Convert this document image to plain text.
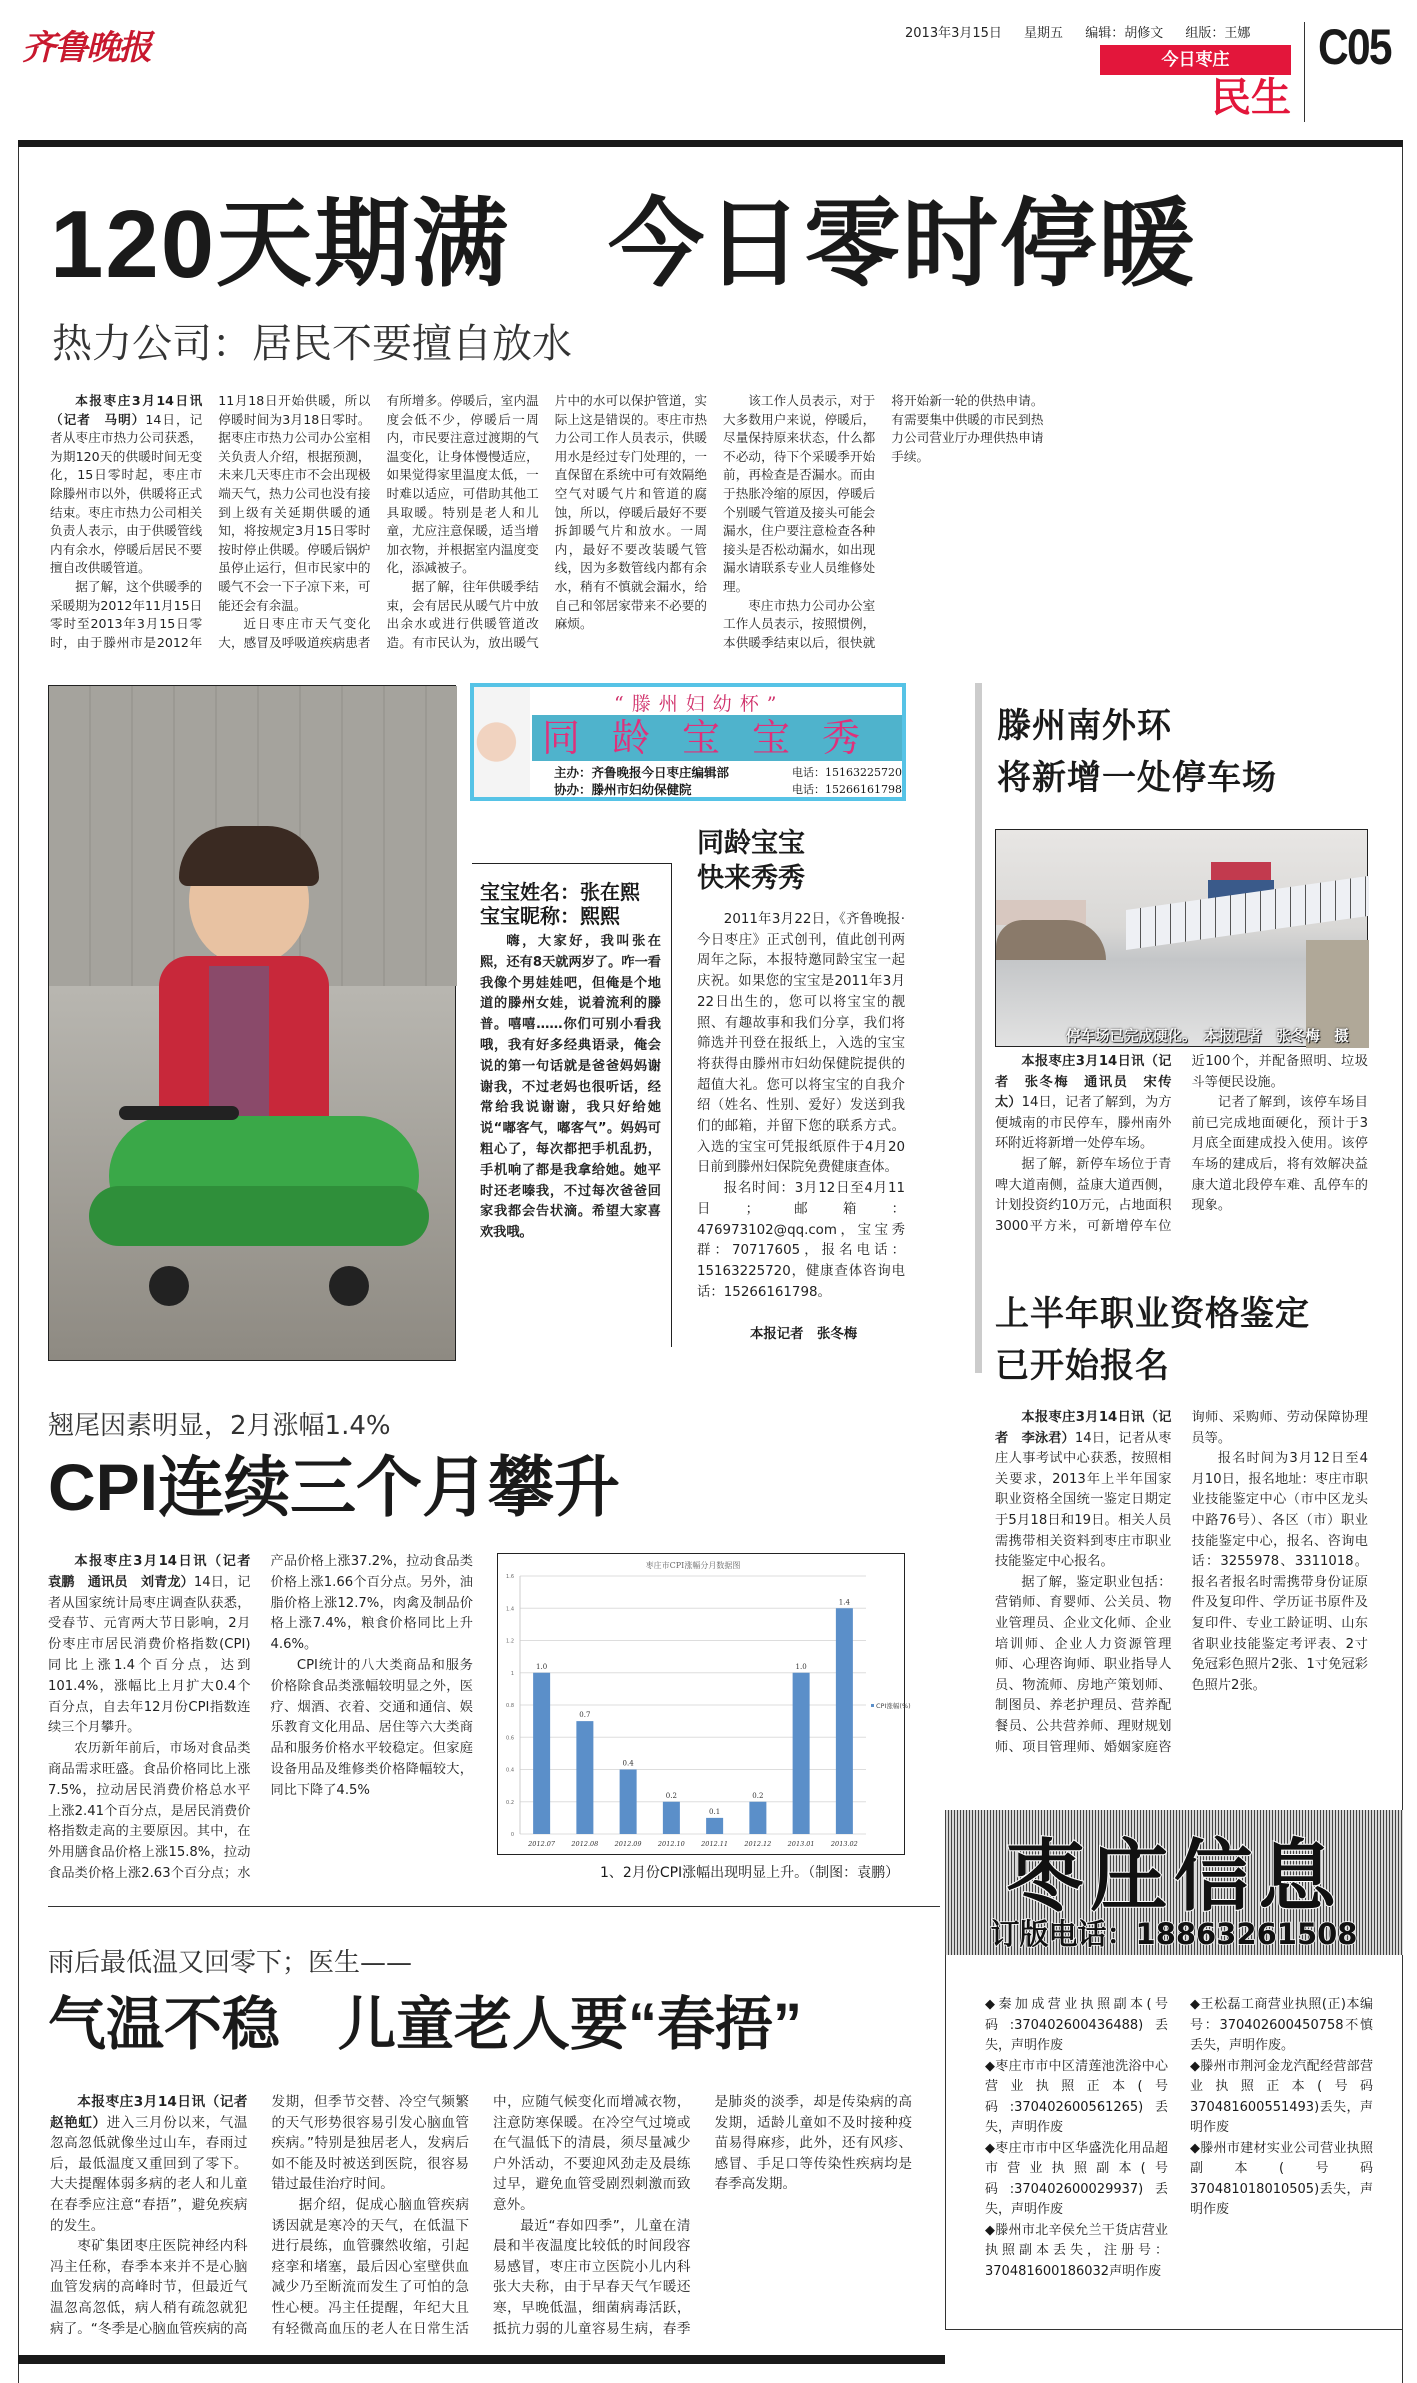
齐鲁晚报	2013年3月15日 星期五 编辑：胡修文 组版：王娜
今日枣庄
民生
C05
120天期满　今日零时停暖
热力公司：居民不要擅自放水

本报枣庄3月14日讯（记者　马明）14日，记者从枣庄市热力公司获悉，为期120天的供暖时间无变化，15日零时起，枣庄市除滕州市以外，供暖将正式结束。枣庄市热力公司相关负责人表示，由于供暖管线内有余水，停暖后居民不要擅自改供暖管道。

据了解，这个供暖季的采暖期为2012年11月15日零时至2013年3月15日零时，由于滕州市是2012年11月18日开始供暖，所以停暖时间为3月18日零时。据枣庄市热力公司办公室相关负责人介绍，根据预测，未来几天枣庄市不会出现极端天气，热力公司也没有接到上级有关延期供暖的通知，将按规定3月15日零时按时停止供暖。停暖后锅炉虽停止运行，但市民家中的暖气不会一下子凉下来，可能还会有余温。

近日枣庄市天气变化大，感冒及呼吸道疾病患者有所增多。停暖后，室内温度会低不少，停暖后一周内，市民要注意过渡期的气温变化，让身体慢慢适应，如果觉得家里温度太低，一时难以适应，可借助其他工具取暖。特别是老人和儿童，尤应注意保暖，适当增加衣物，并根据室内温度变化，添减被子。

据了解，往年供暖季结束，会有居民从暖气片中放出余水或进行供暖管道改造。有市民认为，放出暖气片中的水可以保护管道，实际上这是错误的。枣庄市热力公司工作人员表示，供暖用水是经过专门处理的，一直保留在系统中可有效隔绝空气对暖气片和管道的腐蚀，所以，停暖后最好不要拆卸暖气片和放水。一周内，最好不要改装暖气管线，因为多数管线内都有余水，稍有不慎就会漏水，给自己和邻居家带来不必要的麻烦。

该工作人员表示，对于大多数用户来说，停暖后，尽量保持原来状态，什么都不必动，待下个采暖季开始前，再检查是否漏水。而由于热胀冷缩的原因，停暖后个别暖气管道及接头可能会漏水，住户要注意检查各种接头是否松动漏水，如出现漏水请联系专业人员维修处理。

枣庄市热力公司办公室工作人员表示，按照惯例，本供暖季结束以后，很快就将开始新一轮的供热申请。有需要集中供暖的市民到热力公司营业厅办理供热申请手续。

“滕州妇幼杯”
同龄宝宝秀
主办：齐鲁晚报今日枣庄编辑部	电话：15163225720
协办：滕州市妇幼保健院	电话：15266161798
宝宝姓名：张在熙
宝宝昵称：熙熙

嗨，大家好，我叫张在熙，还有8天就两岁了。咋一看我像个男娃娃吧，但俺是个地道的滕州女娃，说着流利的滕普。嘻嘻……你们可别小看我哦，我有好多经典语录，俺会说的第一句话就是爸爸妈妈谢谢我，不过老妈也很听话，经常给我说谢谢，我只好给她说“嘟客气，嘟客气”。妈妈可粗心了，每次都把手机乱扔，手机响了都是我拿给她。她平时还老嗪我，不过每次爸爸回家我都会告状滴。希望大家喜欢我哦。

同龄宝宝
快来秀秀

2011年3月22日，《齐鲁晚报·今日枣庄》正式创刊，值此创刊两周年之际，本报特邀同龄宝宝一起庆祝。如果您的宝宝是2011年3月22日出生的，您可以将宝宝的靓照、有趣故事和我们分享，我们将筛选并刊登在报纸上，入选的宝宝将获得由滕州市妇幼保健院提供的超值大礼。您可以将宝宝的自我介绍（姓名、性别、爱好）发送到我们的邮箱，并留下您的联系方式。入选的宝宝可凭报纸原件于4月20日前到滕州妇保院免费健康查体。

报名时间：3月12日至4月11日；邮箱：476973102@qq.com，宝宝秀群：70717605，报名电话：15163225720，健康查体咨询电话：15266161798。

本报记者　张冬梅
滕州南外环
将新增一处停车场
停车场已完成硬化。　本报记者　张冬梅　摄

本报枣庄3月14日讯（记者　张冬梅　通讯员　宋传太）14日，记者了解到，为方便城南的市民停车，滕州南外环附近将新增一处停车场。

据了解，新停车场位于青啤大道南侧，益康大道西侧，计划投资约10万元，占地面积3000平方米，可新增停车位近100个，并配备照明、垃圾斗等便民设施。

记者了解到，该停车场目前已完成地面硬化，预计于3月底全面建成投入使用。该停车场的建成后，将有效解决益康大道北段停车难、乱停车的现象。

上半年职业资格鉴定
已开始报名

本报枣庄3月14日讯（记者　李泳君）14日，记者从枣庄人事考试中心获悉，按照相关要求，2013年上半年国家职业资格全国统一鉴定日期定于5月18日和19日。相关人员需携带相关资料到枣庄市职业技能鉴定中心报名。

据了解，鉴定职业包括：营销师、育婴师、公关员、物业管理员、企业文化师、企业培训师、企业人力资源管理师、心理咨询师、职业指导人员、物流师、房地产策划师、制图员、养老护理员、营养配餐员、公共营养师、理财规划师、项目管理师、婚姻家庭咨询师、采购师、劳动保障协理员等。

报名时间为3月12日至4月10日，报名地址：枣庄市职业技能鉴定中心（市中区龙头中路76号）、各区（市）职业技能鉴定中心，报名、咨询电话：3255978、3311018。报名者报名时需携带身份证原件及复印件、学历证书原件及复印件、专业工龄证明、山东省职业技能鉴定考评表、2寸免冠彩色照片2张、1寸免冠彩色照片2张。

翘尾因素明显，2月涨幅1.4%
CPI连续三个月攀升

本报枣庄3月14日讯（记者　袁鹏　通讯员　刘青龙）14日，记者从国家统计局枣庄调查队获悉，受春节、元宵两大节日影响，2月份枣庄市居民消费价格指数(CPI)同比上涨1.4个百分点，达到101.4%，涨幅比上月扩大0.4个百分点，自去年12月份CPI指数连续三个月攀升。

农历新年前后，市场对食品类商品需求旺盛。食品价格同比上涨7.5%，拉动居民消费价格总水平上涨2.41个百分点，是居民消费价格指数走高的主要原因。其中，在外用膳食品价格上涨15.8%，拉动食品类价格上涨2.63个百分点；水产品价格上涨37.2%，拉动食品类价格上涨1.66个百分点。另外，油脂价格上涨12.7%，肉禽及制品价格上涨7.4%，粮食价格同比上升4.6%。

CPI统计的八大类商品和服务价格除食品类涨幅较明显之外，医疗、烟酒、衣着、交通和通信、娱乐教育文化用品、居住等六大类商品和服务价格水平较稳定。但家庭设备用品及维修类价格降幅较大，同比下降了4.5%

枣庄市CPI涨幅分月数据图
0
0.2
0.4
0.6
0.8
1
1.2
1.4
1.6
1.0
2012.07
0.7
2012.08
0.4
2012.09
0.2
2012.10
0.1
2012.11
0.2
2012.12
1.0
2013.01
1.4
2013.02
CPI涨幅(%)
1、2月份CPI涨幅出现明显上升。（制图：袁鹏）
雨后最低温又回零下；医生——
气温不稳　儿童老人要“春捂”

本报枣庄3月14日讯（记者　赵艳虹）进入三月份以来，气温忽高忽低就像坐过山车，春雨过后，最低温度又重回到了零下。大夫提醒体弱多病的老人和儿童在春季应注意“春捂”，避免疾病的发生。

枣矿集团枣庄医院神经内科冯主任称，春季本来并不是心脑血管发病的高峰时节，但最近气温忽高忽低，病人稍有疏忽就犯病了。“冬季是心脑血管疾病的高发期，但季节交替、冷空气频繁的天气形势很容易引发心脑血管疾病。”特别是独居老人，发病后如不能及时被送到医院，很容易错过最佳治疗时间。

据介绍，促成心脑血管疾病诱因就是寒冷的天气，在低温下进行晨练，血管骤然收缩，引起痉挛和堵塞，最后因心室壁供血减少乃至断流而发生了可怕的急性心梗。冯主任提醒，年纪大且有轻微高血压的老人在日常生活中，应随气候变化而增减衣物，注意防寒保暖。在冷空气过境或在气温低下的清晨，须尽量减少户外活动，不要迎风劲走及晨练过早，避免血管受剧烈刺激而致意外。

最近“春如四季”，儿童在清晨和半夜温度比较低的时间段容易感冒，枣庄市立医院小儿内科张大夫称，由于早春天气乍暖还寒，早晚低温，细菌病毒活跃，抵抗力弱的儿童容易生病，春季是肺炎的淡季，却是传染病的高发期，适龄儿童如不及时接种疫苗易得麻疹，此外，还有风疹、感冒、手足口等传染性疾病均是春季高发期。

枣庄信息
订版电话：18863261508

◆秦加成营业执照副本(号码:370402600436488)丢失，声明作废

◆枣庄市市中区清莲池洗浴中心营业执照正本(号码:370402600561265)丢失，声明作废

◆枣庄市市中区华盛洗化用品超市营业执照副本(号码:370402600029937)丢失，声明作废

◆滕州市北辛侯允兰干货店营业执照副本丢失，注册号：370481600186032声明作废

◆王松磊工商营业执照(正)本编号：370402600450758不慎丢失，声明作废。

◆滕州市荆河金龙汽配经营部营业执照正本(号码370481600551493)丢失，声明作废

◆滕州市建材实业公司营业执照副本(号码370481018010505)丢失，声明作废
